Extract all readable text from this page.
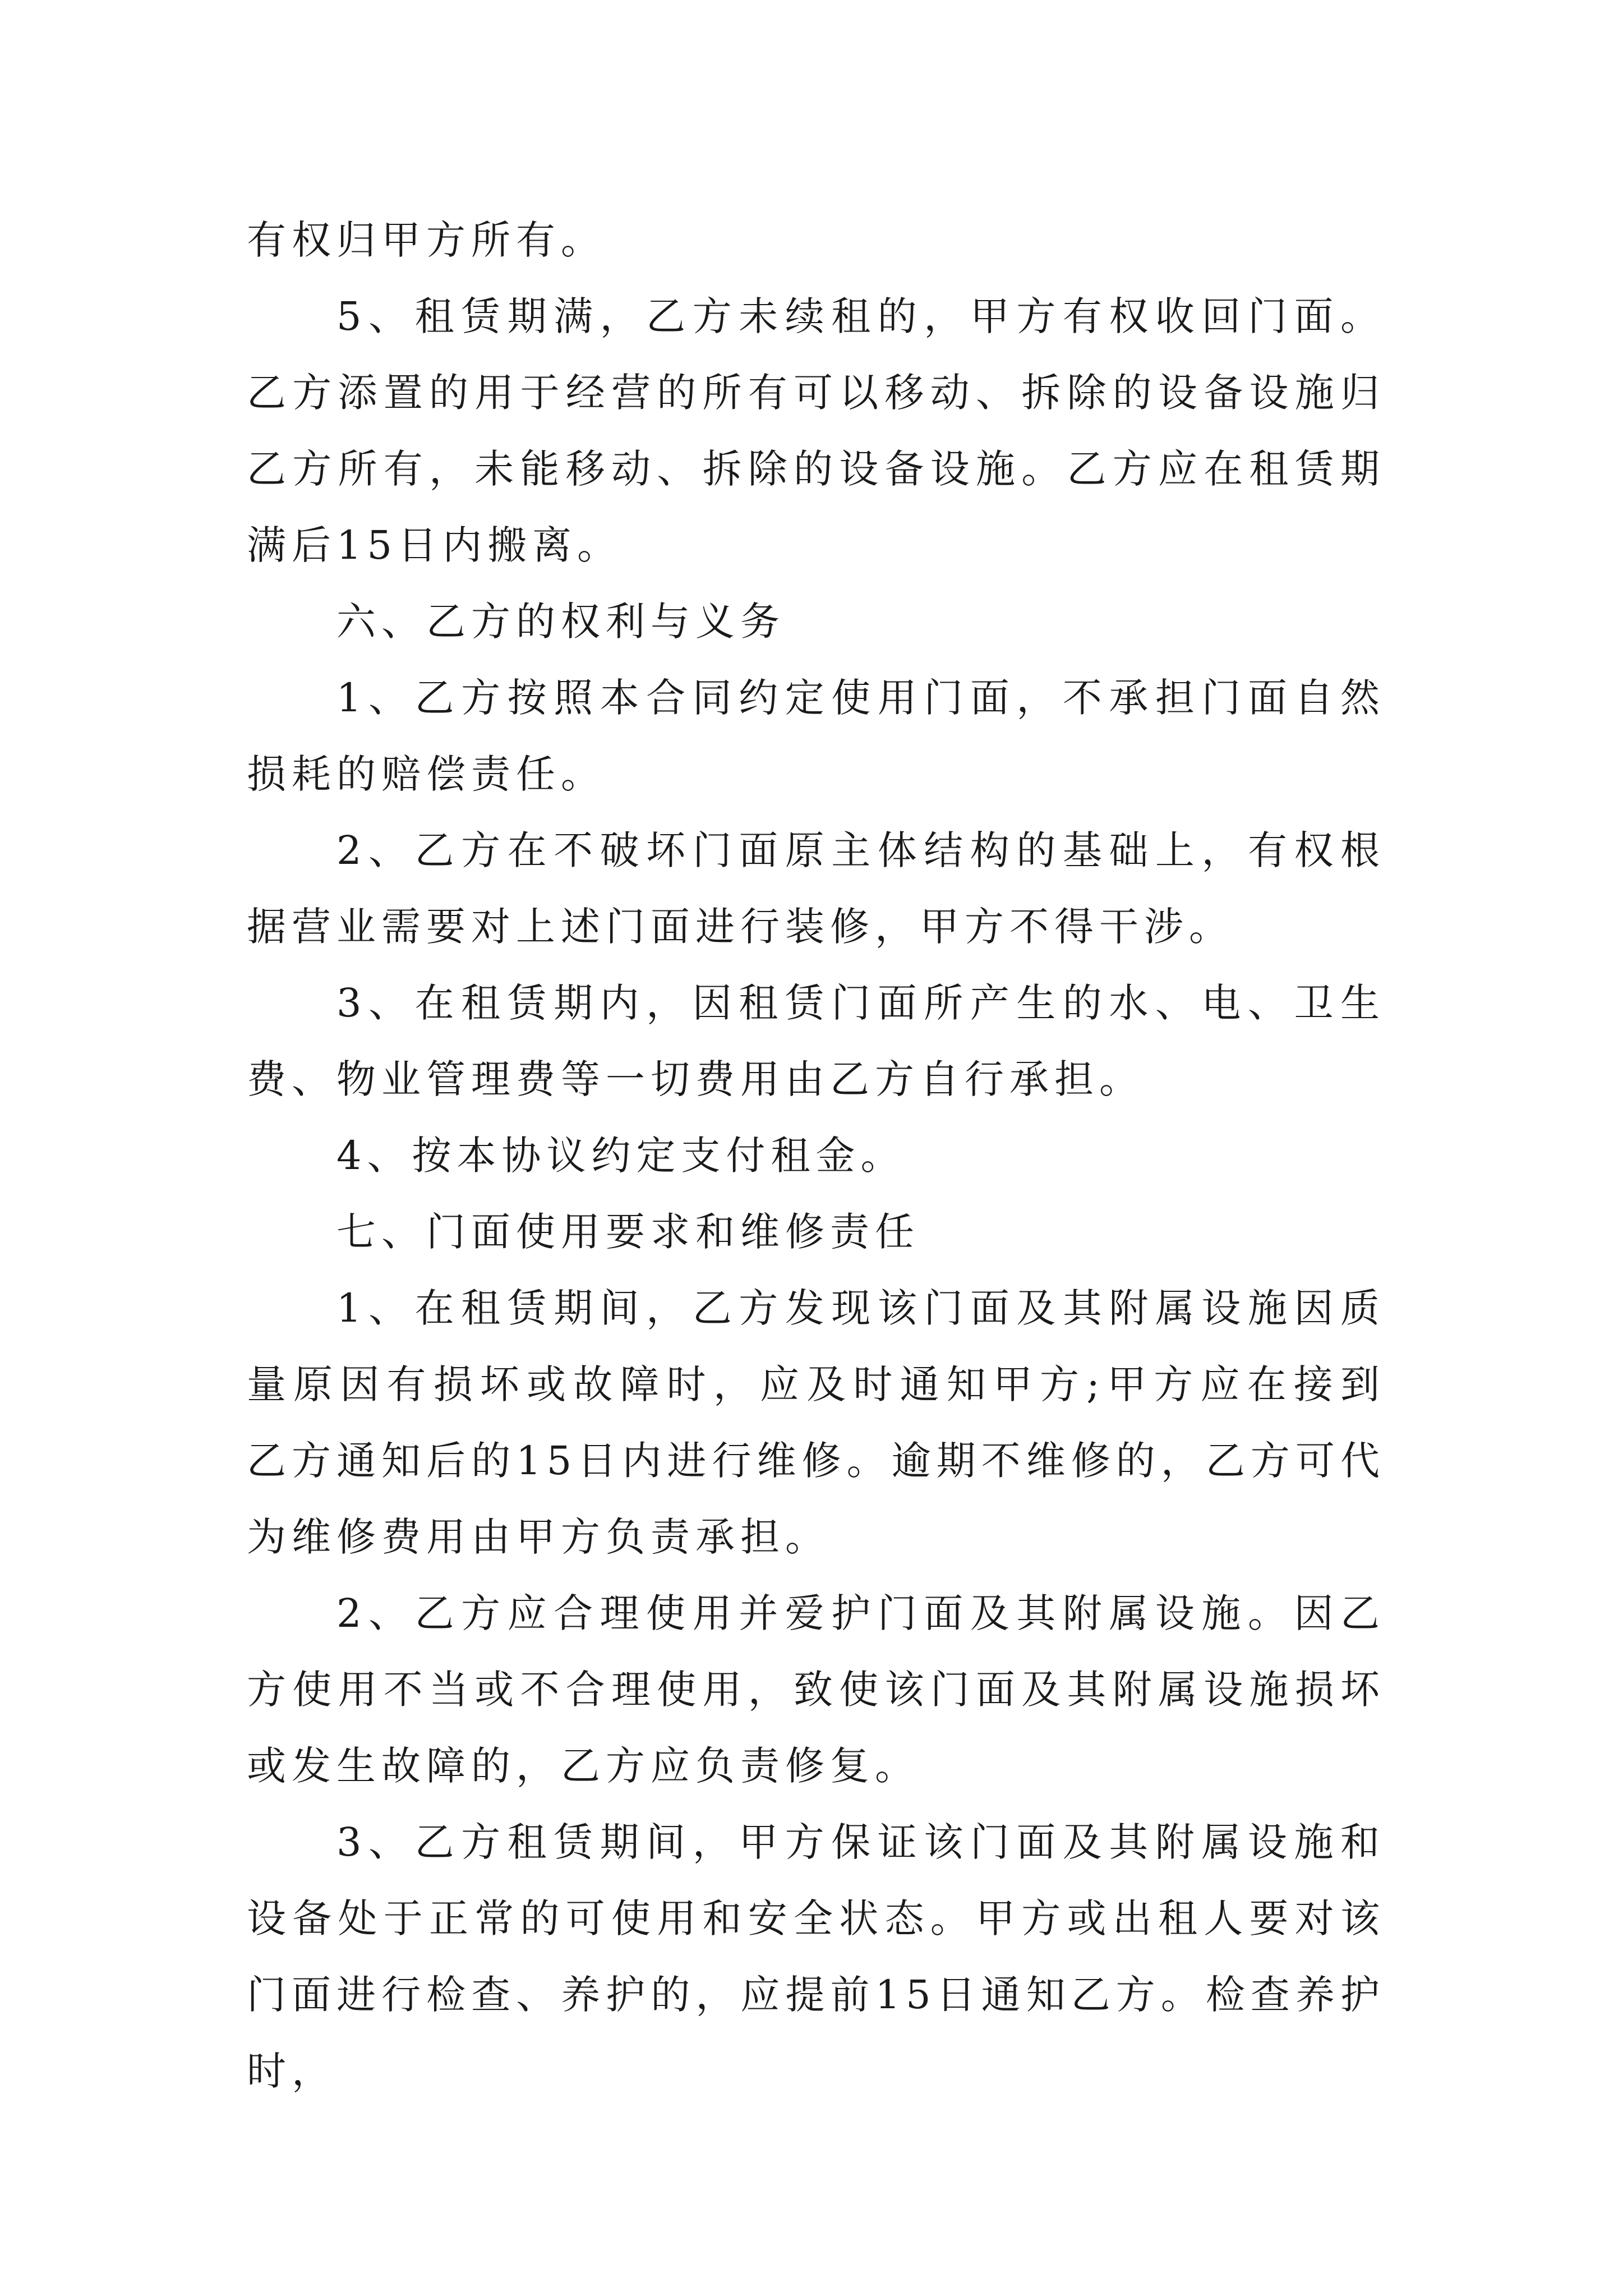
有权归甲方所有。

5、租赁期满，乙方未续租的，甲方有权收回门面。乙方添置的用于经营的所有可以移动、拆除的设备设施归乙方所有，未能移动、拆除的设备设施。乙方应在租赁期满后15日内搬离。

六、乙方的权利与义务

1、乙方按照本合同约定使用门面，不承担门面自然损耗的赔偿责任。

2、乙方在不破坏门面原主体结构的基础上，有权根据营业需要对上述门面进行装修，甲方不得干涉。

3、在租赁期内，因租赁门面所产生的水、电、卫生费、物业管理费等一切费用由乙方自行承担。

4、按本协议约定支付租金。

七、门面使用要求和维修责任

1、在租赁期间，乙方发现该门面及其附属设施因质量原因有损坏或故障时，应及时通知甲方;甲方应在接到乙方通知后的15日内进行维修。逾期不维修的，乙方可代为维修费用由甲方负责承担。

2、乙方应合理使用并爱护门面及其附属设施。因乙方使用不当或不合理使用，致使该门面及其附属设施损坏或发生故障的，乙方应负责修复。

3、乙方租赁期间，甲方保证该门面及其附属设施和设备处于正常的可使用和安全状态。甲方或出租人要对该门面进行检查、养护的，应提前15日通知乙方。检查养护时，
